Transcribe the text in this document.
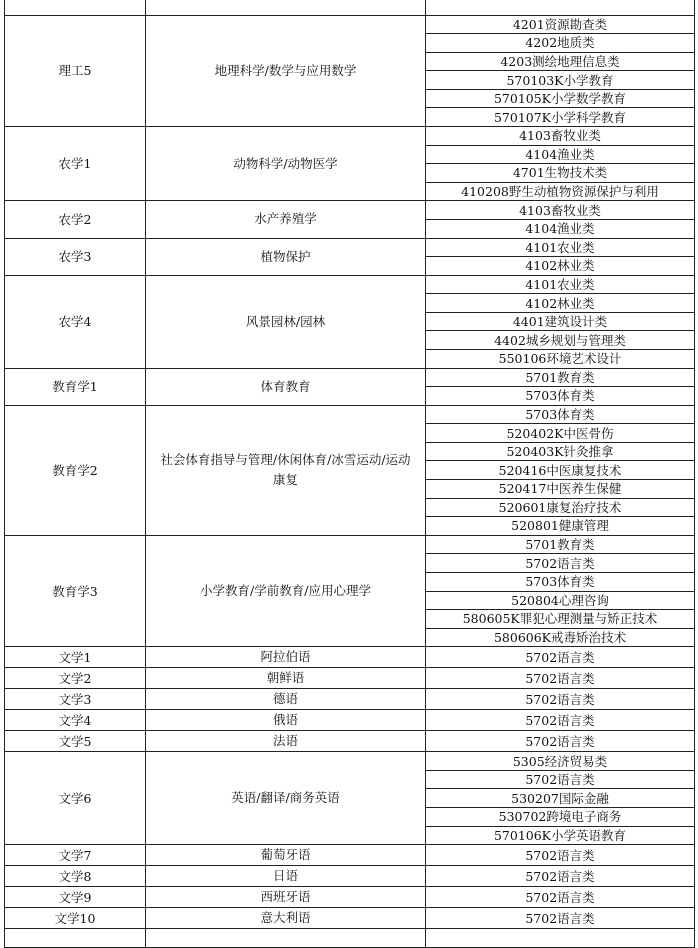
理工5	地理科学/数学与应用数学	4201资源勘查类
		4202地质类
		4203测绘地理信息类
		570103K小学教育
		570105K小学数学教育
		570107K小学科学教育
农学1	动物科学/动物医学	4103畜牧业类
		4104渔业类
		4701生物技术类
		410208野生动植物资源保护与利用
农学2	水产养殖学	4103畜牧业类
		4104渔业类
农学3	植物保护	4101农业类
		4102林业类
农学4	风景园林/园林	4101农业类
		4102林业类
		4401建筑设计类
		4402城乡规划与管理类
		550106环境艺术设计
教育学1	体育教育	5701教育类
		5703体育类
教育学2	社会体育指导与管理/休闲体育/冰雪运动/运动康复	5703体育类
		520402K中医骨伤
		520403K针灸推拿
		520416中医康复技术
		520417中医养生保健
		520601康复治疗技术
		520801健康管理
教育学3	小学教育/学前教育/应用心理学	5701教育类
		5702语言类
		5703体育类
		520804心理咨询
		580605K罪犯心理测量与矫正技术
		580606K戒毒矫治技术
文学1	阿拉伯语	5702语言类
文学2	朝鲜语	5702语言类
文学3	德语	5702语言类
文学4	俄语	5702语言类
文学5	法语	5702语言类
文学6	英语/翻译/商务英语	5305经济贸易类
		5702语言类
		530207国际金融
		530702跨境电子商务
		570106K小学英语教育
文学7	葡萄牙语	5702语言类
文学8	日语	5702语言类
文学9	西班牙语	5702语言类
文学10	意大利语	5702语言类
